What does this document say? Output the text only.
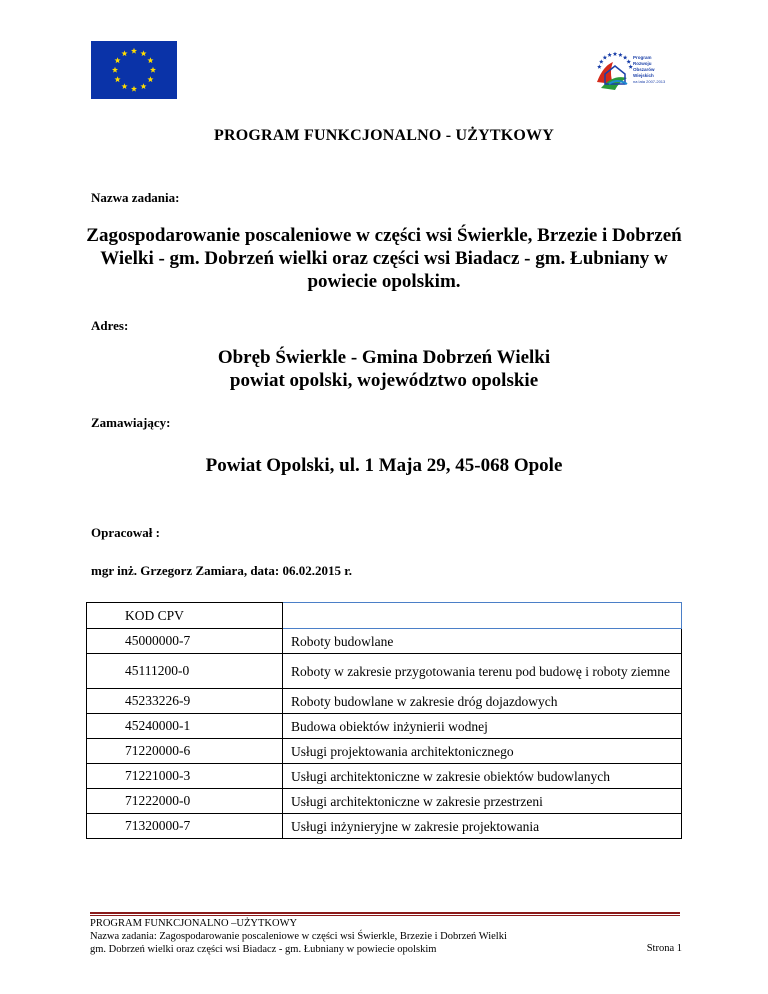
Program
Rozwoju
Obszarów
Wiejskich
na lata 2007-2013
PROGRAM FUNKCJONALNO - UŻYTKOWY
Nazwa zadania:
Zagospodarowanie poscaleniowe w części wsi Świerkle, Brzezie i Dobrzeń
Wielki - gm. Dobrzeń wielki oraz części wsi Biadacz - gm. Łubniany w
powiecie opolskim.
Adres:
Obręb Świerkle - Gmina Dobrzeń Wielki
powiat opolski, województwo opolskie
Zamawiający:
Powiat Opolski, ul. 1 Maja 29, 45-068 Opole
Opracował :
mgr inż. Grzegorz Zamiara, data: 06.02.2015 r.
KOD CPV	
45000000-7	Roboty budowlane
45111200-0	Roboty w zakresie przygotowania terenu pod budowę i roboty ziemne
45233226-9	Roboty budowlane w zakresie dróg dojazdowych
45240000-1	Budowa obiektów inżynierii wodnej
71220000-6	Usługi projektowania architektonicznego
71221000-3	Usługi architektoniczne w zakresie obiektów budowlanych
71222000-0	Usługi architektoniczne w zakresie przestrzeni
71320000-7	Usługi inżynieryjne w zakresie projektowania
PROGRAM FUNKCJONALNO –UŻYTKOWY
Nazwa zadania: Zagospodarowanie poscaleniowe w części wsi Świerkle, Brzezie i Dobrzeń Wielki
gm. Dobrzeń wielki oraz części wsi Biadacz - gm. Łubniany w powiecie opolskim	Strona 1
